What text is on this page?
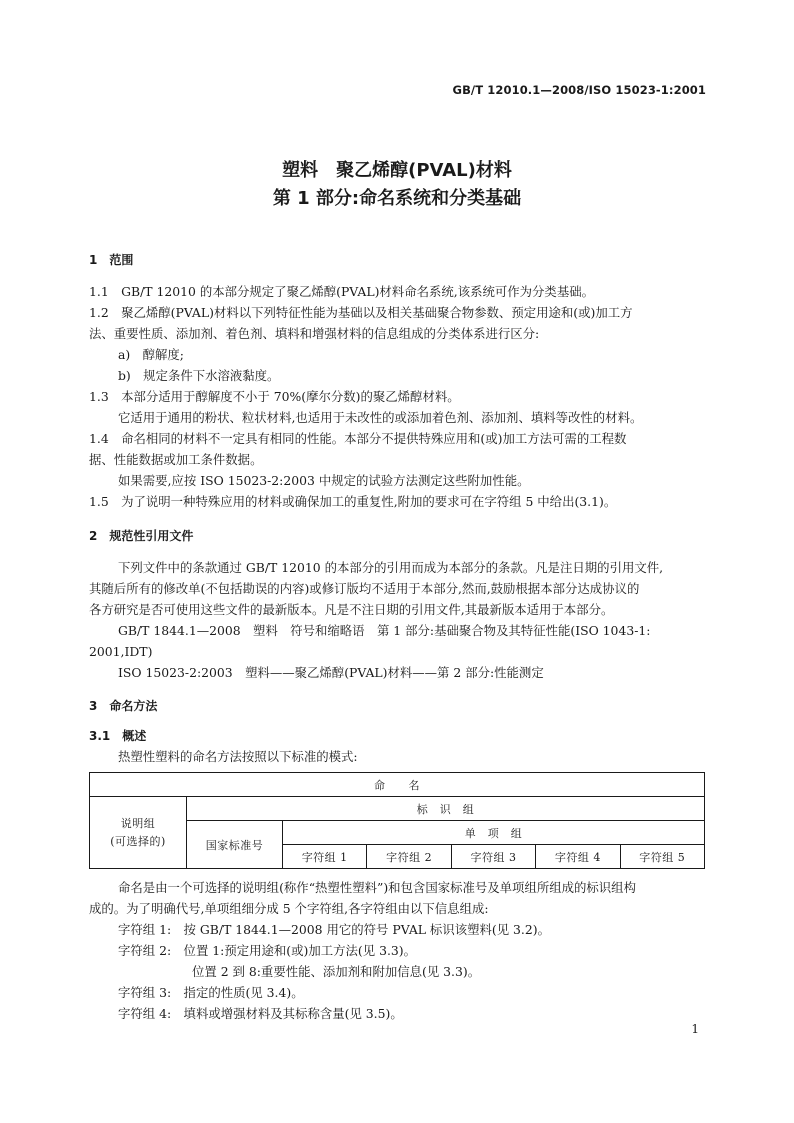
GB/T 12010.1—2008/ISO 15023-1:2001
塑料　聚乙烯醇(PVAL)材料
第 1 部分:命名系统和分类基础
1　范围
1.1　GB/T 12010 的本部分规定了聚乙烯醇(PVAL)材料命名系统,该系统可作为分类基础。
1.2　聚乙烯醇(PVAL)材料以下列特征性能为基础以及相关基础聚合物参数、预定用途和(或)加工方
法、重要性质、添加剂、着色剂、填料和增强材料的信息组成的分类体系进行区分:
a)　醇解度;
b)　规定条件下水溶液黏度。
1.3　本部分适用于醇解度不小于 70%(摩尔分数)的聚乙烯醇材料。
它适用于通用的粉状、粒状材料,也适用于未改性的或添加着色剂、添加剂、填料等改性的材料。
1.4　命名相同的材料不一定具有相同的性能。本部分不提供特殊应用和(或)加工方法可需的工程数
据、性能数据或加工条件数据。
如果需要,应按 ISO 15023-2:2003 中规定的试验方法测定这些附加性能。
1.5　为了说明一种特殊应用的材料或确保加工的重复性,附加的要求可在字符组 5 中给出(3.1)。
2　规范性引用文件
下列文件中的条款通过 GB/T 12010 的本部分的引用而成为本部分的条款。凡是注日期的引用文件,
其随后所有的修改单(不包括勘误的内容)或修订版均不适用于本部分,然而,鼓励根据本部分达成协议的
各方研究是否可使用这些文件的最新版本。凡是不注日期的引用文件,其最新版本适用于本部分。
GB/T 1844.1—2008　塑料　符号和缩略语　第 1 部分:基础聚合物及其特征性能(ISO 1043-1:
2001,IDT)
ISO 15023-2:2003　塑料——聚乙烯醇(PVAL)材料——第 2 部分:性能测定
3　命名方法
3.1　概述
热塑性塑料的命名方法按照以下标准的模式:
命　　名						
说明组
(可选择的)	标　识　组					
	国家标准号	单　项　组				
		字符组 1	字符组 2	字符组 3	字符组 4	字符组 5
命名是由一个可选择的说明组(称作“热塑性塑料”)和包含国家标准号及单项组所组成的标识组构
成的。为了明确代号,单项组细分成 5 个字符组,各字符组由以下信息组成:
字符组 1:　按 GB/T 1844.1—2008 用它的符号 PVAL 标识该塑料(见 3.2)。
字符组 2:　位置 1:预定用途和(或)加工方法(见 3.3)。
位置 2 到 8:重要性能、添加剂和附加信息(见 3.3)。
字符组 3:　指定的性质(见 3.4)。
字符组 4:　填料或增强材料及其标称含量(见 3.5)。
1
